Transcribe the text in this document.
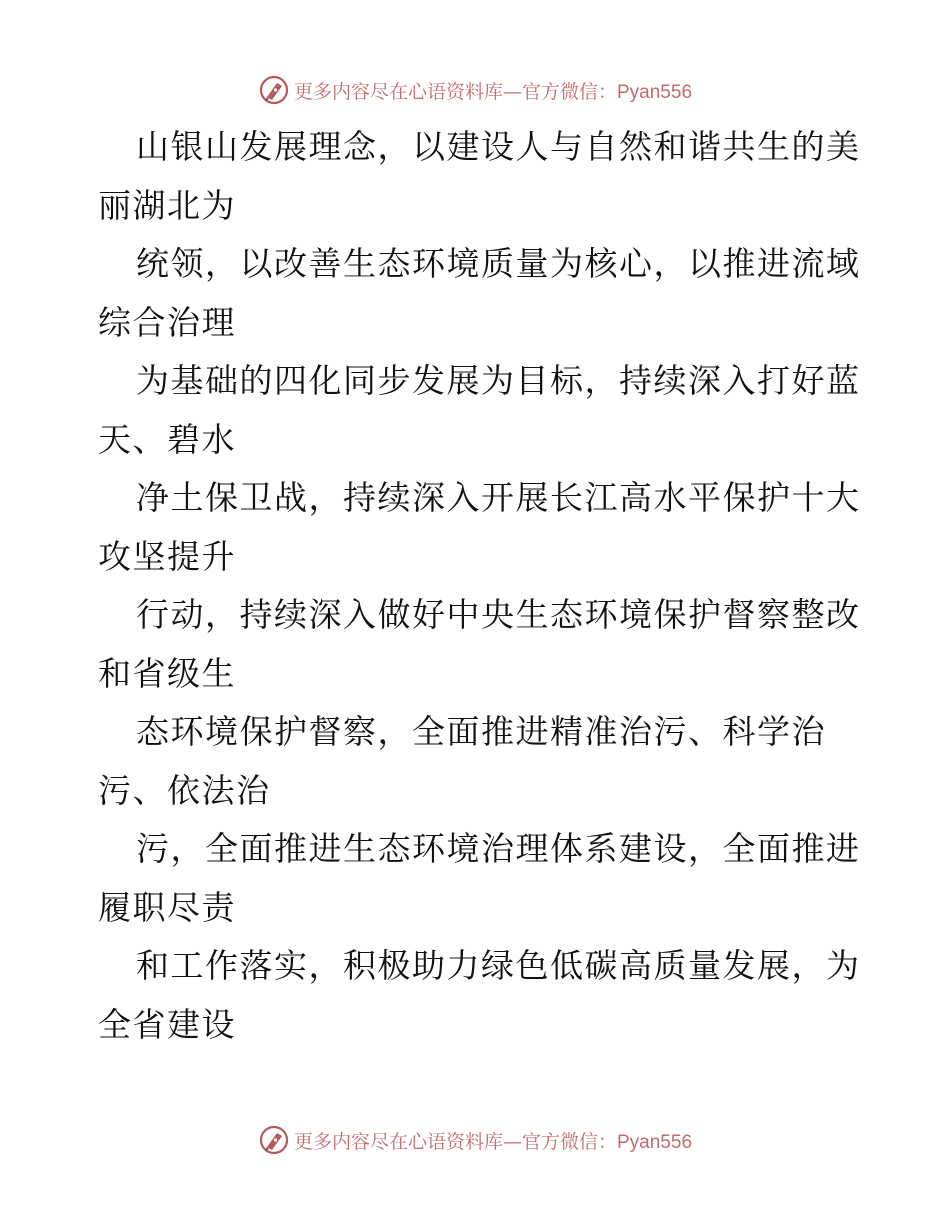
更多内容尽在心语资料库—官方微信：Pyan556

山银山发展理念，以建设人与自然和谐共生的美
丽湖北为

统领，以改善生态环境质量为核心，以推进流域
综合治理

为基础的四化同步发展为目标，持续深入打好蓝
天、碧水

净土保卫战，持续深入开展长江高水平保护十大
攻坚提升

行动，持续深入做好中央生态环境保护督察整改
和省级生

态环境保护督察，全面推进精准治污、科学治
污、依法治

污，全面推进生态环境治理体系建设，全面推进
履职尽责

和工作落实，积极助力绿色低碳高质量发展，为
全省建设

更多内容尽在心语资料库—官方微信：Pyan556
